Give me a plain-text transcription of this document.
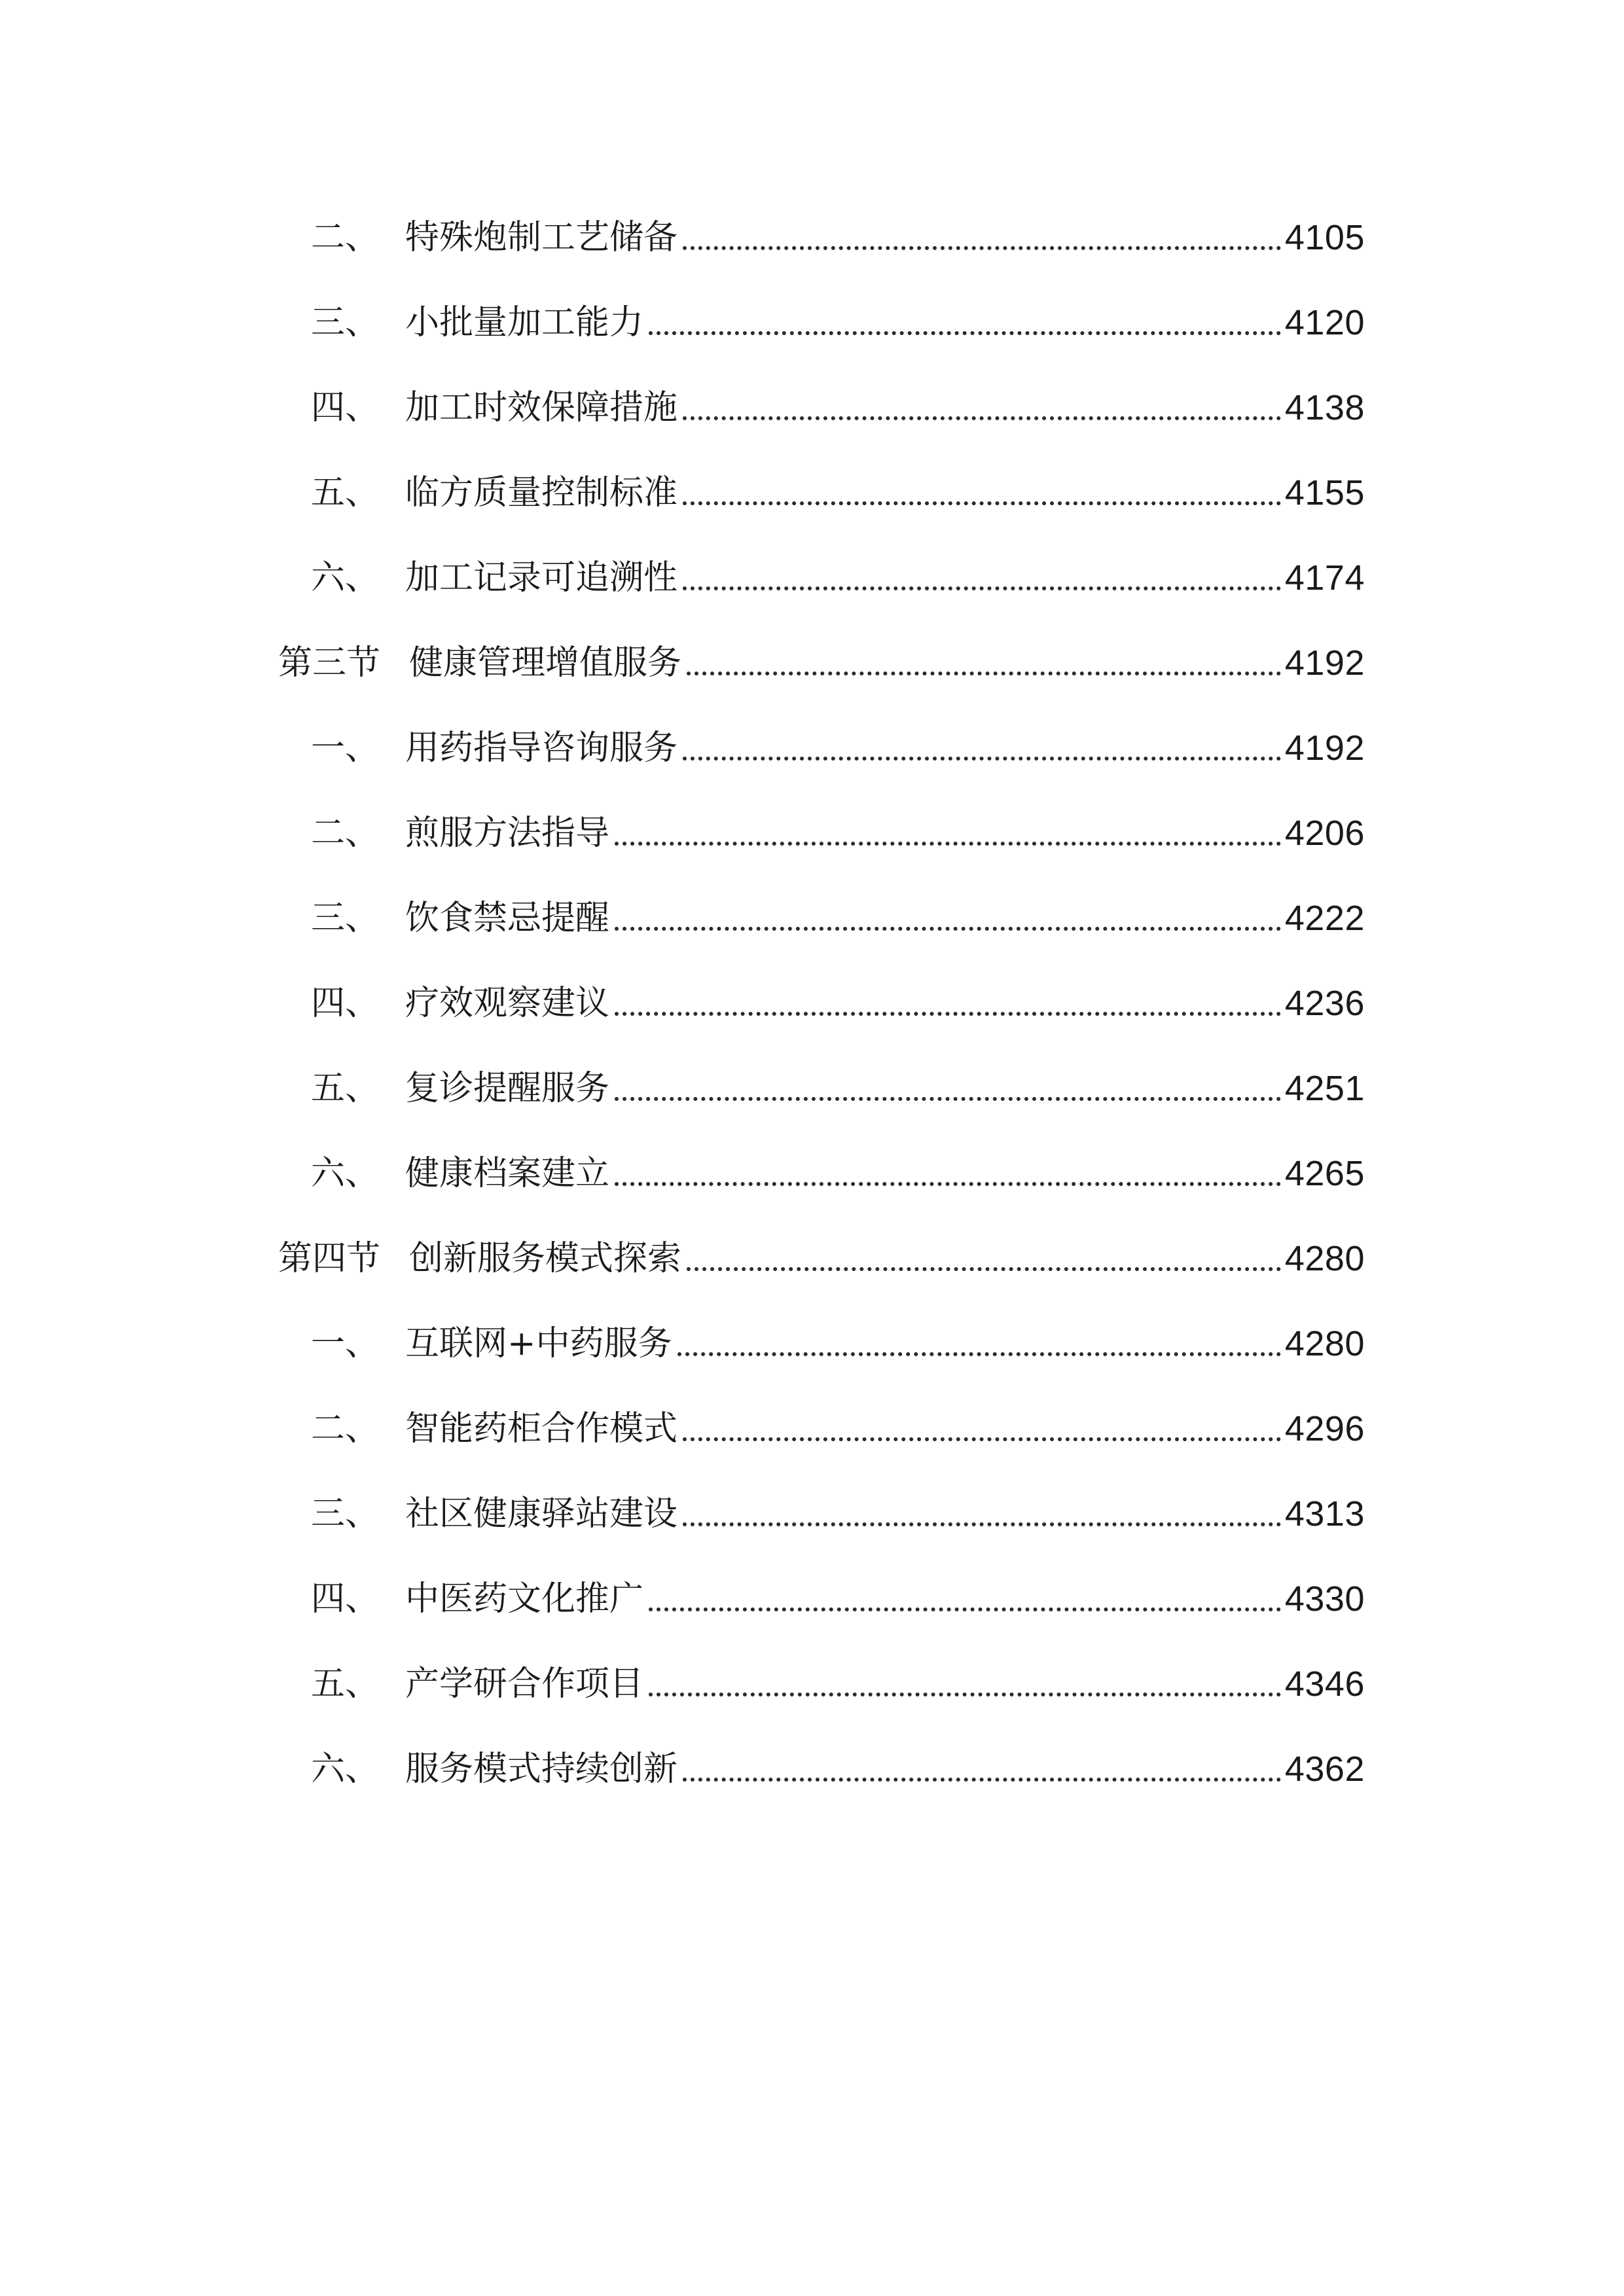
二、 特殊炮制工艺储备	4105
三、 小批量加工能力	4120
四、 加工时效保障措施	4138
五、 临方质量控制标准	4155
六、 加工记录可追溯性	4174
第三节 健康管理增值服务	4192
一、 用药指导咨询服务	4192
二、 煎服方法指导	4206
三、 饮食禁忌提醒	4222
四、 疗效观察建议	4236
五、 复诊提醒服务	4251
六、 健康档案建立	4265
第四节 创新服务模式探索	4280
一、 互联网+中药服务	4280
二、 智能药柜合作模式	4296
三、 社区健康驿站建设	4313
四、 中医药文化推广	4330
五、 产学研合作项目	4346
六、 服务模式持续创新	4362
